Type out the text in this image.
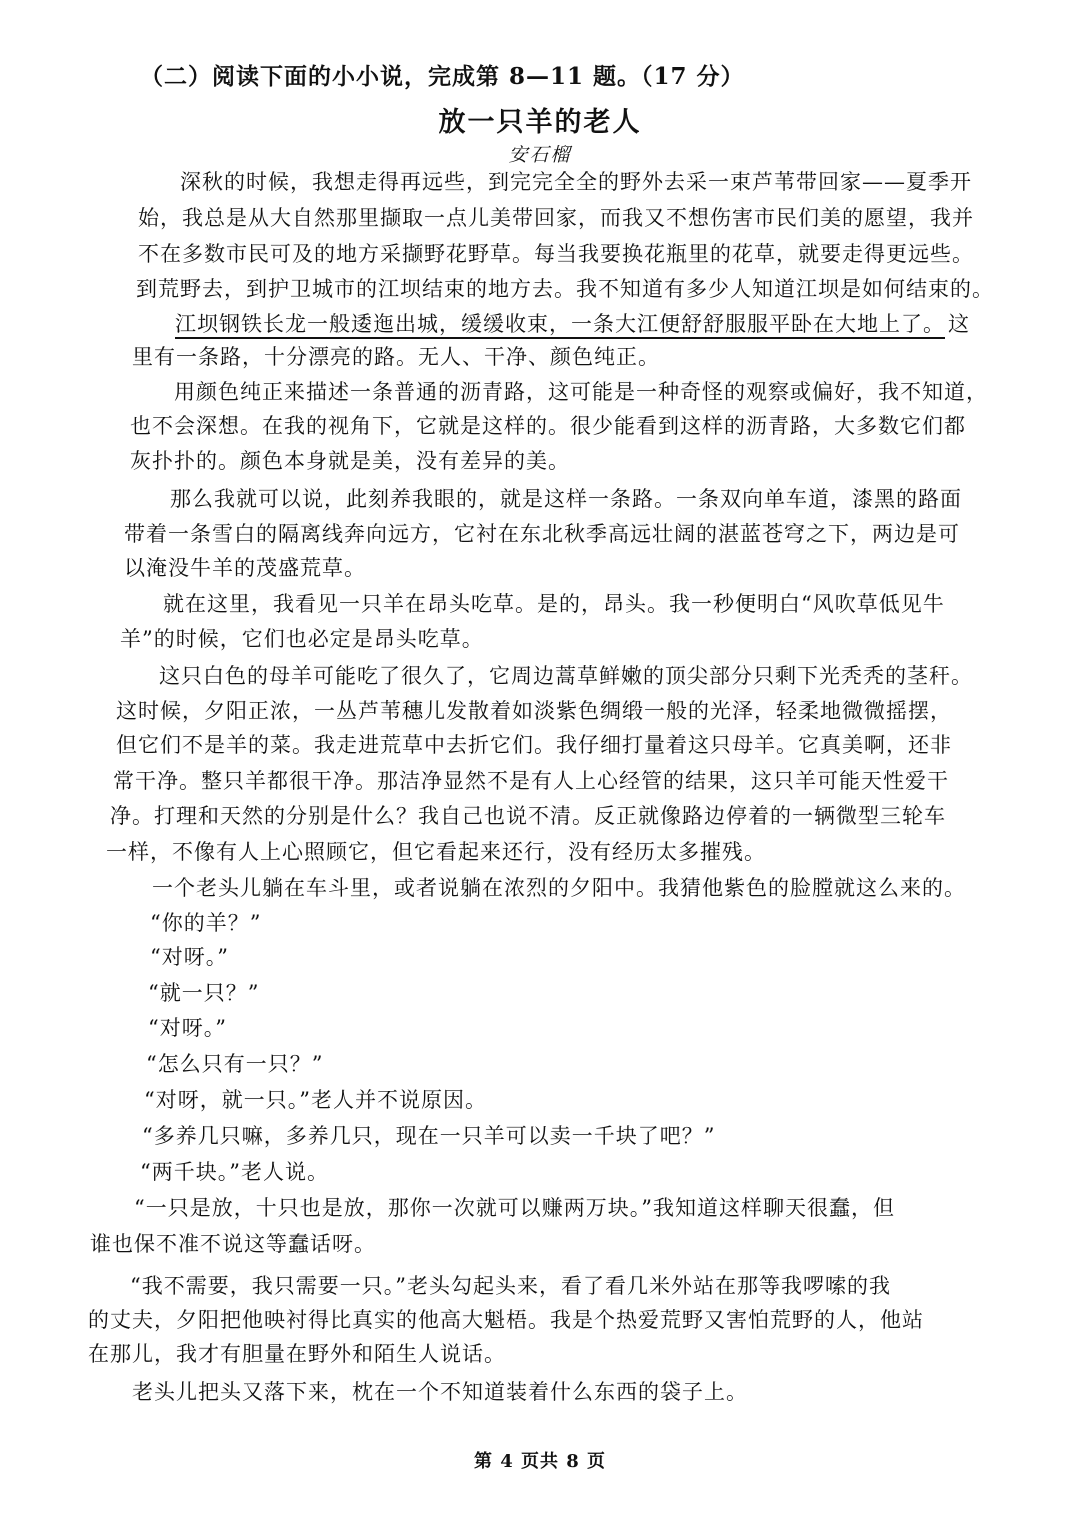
（二）阅读下面的小小说，完成第 8—11 题。（17 分）
放一只羊的老人
安石榴
深秋的时候，我想走得再远些，到完完全全的野外去采一束芦苇带回家——夏季开
始，我总是从大自然那里撷取一点儿美带回家，而我又不想伤害市民们美的愿望，我并
不在多数市民可及的地方采撷野花野草。每当我要换花瓶里的花草，就要走得更远些。
到荒野去，到护卫城市的江坝结束的地方去。我不知道有多少人知道江坝是如何结束的。
江坝钢铁长龙一般逶迤出城，缓缓收束，一条大江便舒舒服服平卧在大地上了。 这
里有一条路，十分漂亮的路。无人、干净、颜色纯正。
用颜色纯正来描述一条普通的沥青路，这可能是一种奇怪的观察或偏好，我不知道，
也不会深想。在我的视角下，它就是这样的。很少能看到这样的沥青路，大多数它们都
灰扑扑的。颜色本身就是美，没有差异的美。
那么我就可以说，此刻养我眼的，就是这样一条路。一条双向单车道，漆黑的路面
带着一条雪白的隔离线奔向远方，它衬在东北秋季高远壮阔的湛蓝苍穹之下，两边是可
以淹没牛羊的茂盛荒草。
就在这里，我看见一只羊在昂头吃草。是的，昂头。我一秒便明白“风吹草低见牛
羊”的时候，它们也必定是昂头吃草。
这只白色的母羊可能吃了很久了，它周边蒿草鲜嫩的顶尖部分只剩下光秃秃的茎秆。
这时候，夕阳正浓，一丛芦苇穗儿发散着如淡紫色绸缎一般的光泽，轻柔地微微摇摆，
但它们不是羊的菜。我走进荒草中去折它们。我仔细打量着这只母羊。它真美啊，还非
常干净。整只羊都很干净。那洁净显然不是有人上心经管的结果，这只羊可能天性爱干
净。打理和天然的分别是什么？我自己也说不清。反正就像路边停着的一辆微型三轮车
一样，不像有人上心照顾它，但它看起来还行，没有经历太多摧残。
一个老头儿躺在车斗里，或者说躺在浓烈的夕阳中。我猜他紫色的脸膛就这么来的。
“你的羊？”
“对呀。”
“就一只？”
“对呀。”
“怎么只有一只？”
“对呀，就一只。”老人并不说原因。
“多养几只嘛，多养几只，现在一只羊可以卖一千块了吧？”
“两千块。”老人说。
“一只是放，十只也是放，那你一次就可以赚两万块。”我知道这样聊天很蠢，但
谁也保不准不说这等蠢话呀。
“我不需要，我只需要一只。”老头勾起头来，看了看几米外站在那等我啰嗦的我
的丈夫，夕阳把他映衬得比真实的他高大魁梧。我是个热爱荒野又害怕荒野的人，他站
在那儿，我才有胆量在野外和陌生人说话。
老头儿把头又落下来，枕在一个不知道装着什么东西的袋子上。
第 4 页共 8 页
